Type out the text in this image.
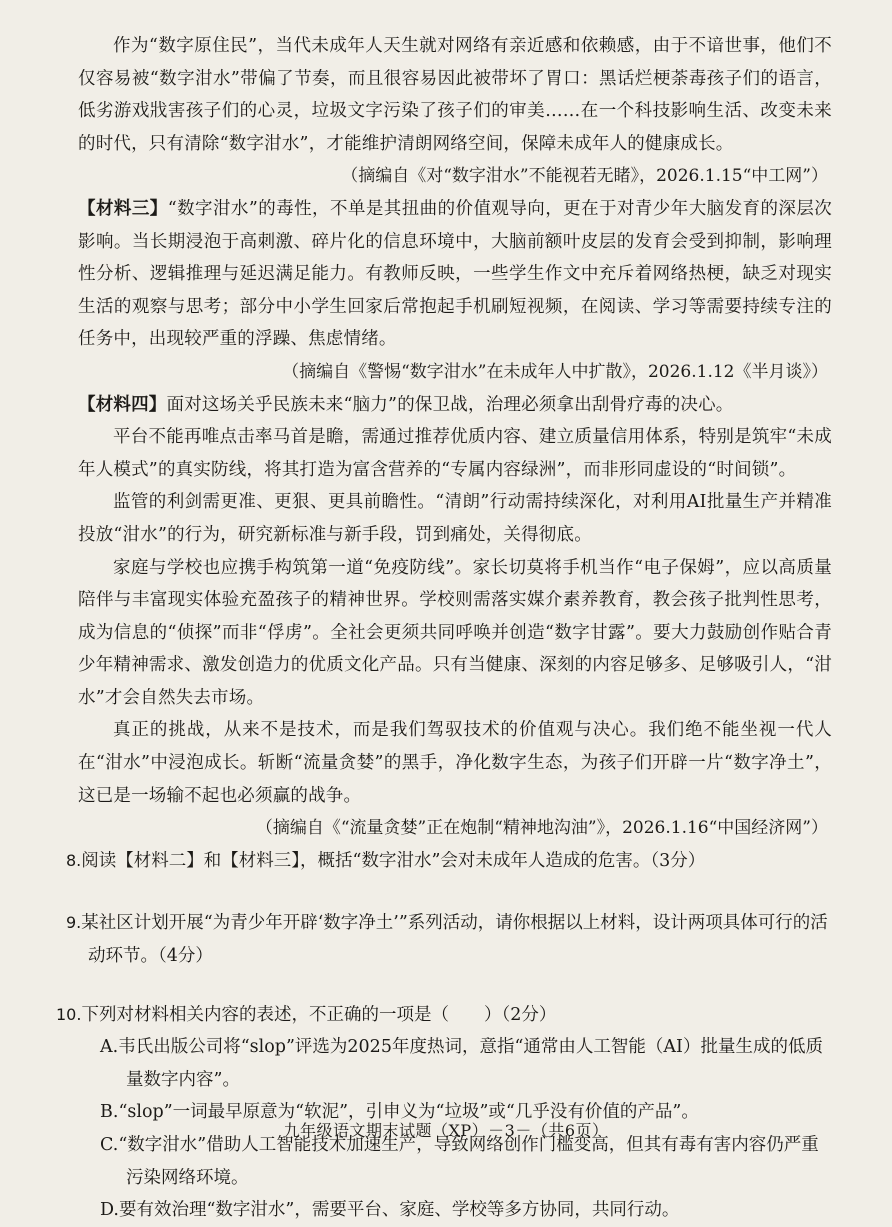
作为“数字原住民”，当代未成年人天生就对网络有亲近感和依赖感，由于不谙世事，他们不仅容易被“数字泔水”带偏了节奏，而且很容易因此被带坏了胃口：黑话烂梗荼毒孩子们的语言，低劣游戏戕害孩子们的心灵，垃圾文字污染了孩子们的审美……在一个科技影响生活、改变未来的时代，只有清除“数字泔水”，才能维护清朗网络空间，保障未成年人的健康成长。

（摘编自《对“数字泔水”不能视若无睹》，2026.1.15“中工网”）

【材料三】“数字泔水”的毒性，不单是其扭曲的价值观导向，更在于对青少年大脑发育的深层次影响。当长期浸泡于高刺激、碎片化的信息环境中，大脑前额叶皮层的发育会受到抑制，影响理性分析、逻辑推理与延迟满足能力。有教师反映，一些学生作文中充斥着网络热梗，缺乏对现实生活的观察与思考；部分中小学生回家后常抱起手机刷短视频，在阅读、学习等需要持续专注的任务中，出现较严重的浮躁、焦虑情绪。

（摘编自《警惕“数字泔水”在未成年人中扩散》，2026.1.12《半月谈》）

【材料四】面对这场关乎民族未来“脑力”的保卫战，治理必须拿出刮骨疗毒的决心。

平台不能再唯点击率马首是瞻，需通过推荐优质内容、建立质量信用体系，特别是筑牢“未成年人模式”的真实防线，将其打造为富含营养的“专属内容绿洲”，而非形同虚设的“时间锁”。

监管的利剑需更准、更狠、更具前瞻性。“清朗”行动需持续深化，对利用AI批量生产并精准投放“泔水”的行为，研究新标准与新手段，罚到痛处，关得彻底。

家庭与学校也应携手构筑第一道“免疫防线”。家长切莫将手机当作“电子保姆”，应以高质量陪伴与丰富现实体验充盈孩子的精神世界。学校则需落实媒介素养教育，教会孩子批判性思考，成为信息的“侦探”而非“俘虏”。全社会更须共同呼唤并创造“数字甘露”。要大力鼓励创作贴合青少年精神需求、激发创造力的优质文化产品。只有当健康、深刻的内容足够多、足够吸引人，“泔水”才会自然失去市场。

真正的挑战，从来不是技术，而是我们驾驭技术的价值观与决心。我们绝不能坐视一代人在“泔水”中浸泡成长。斩断“流量贪婪”的黑手，净化数字生态，为孩子们开辟一片“数字净土”，这已是一场输不起也必须赢的战争。

（摘编自《“流量贪婪”正在炮制“精神地沟油”》，2026.1.16“中国经济网”）

8.阅读【材料二】和【材料三】，概括“数字泔水”会对未成年人造成的危害。（3分）

9.某社区计划开展“为青少年开辟‘数字净土’”系列活动，请你根据以上材料，设计两项具体可行的活动环节。（4分）

10.下列对材料相关内容的表述，不正确的一项是（　　）（2分）

A.韦氏出版公司将“slop”评选为2025年度热词，意指“通常由人工智能（AI）批量生成的低质量数字内容”。

B.“slop”一词最早原意为“软泥”，引申义为“垃圾”或“几乎没有价值的产品”。

C.“数字泔水”借助人工智能技术加速生产，导致网络创作门槛变高，但其有毒有害内容仍严重污染网络环境。

D.要有效治理“数字泔水”，需要平台、家庭、学校等多方协同，共同行动。

九年级语文期末试题（XP）－3－（共6页）
